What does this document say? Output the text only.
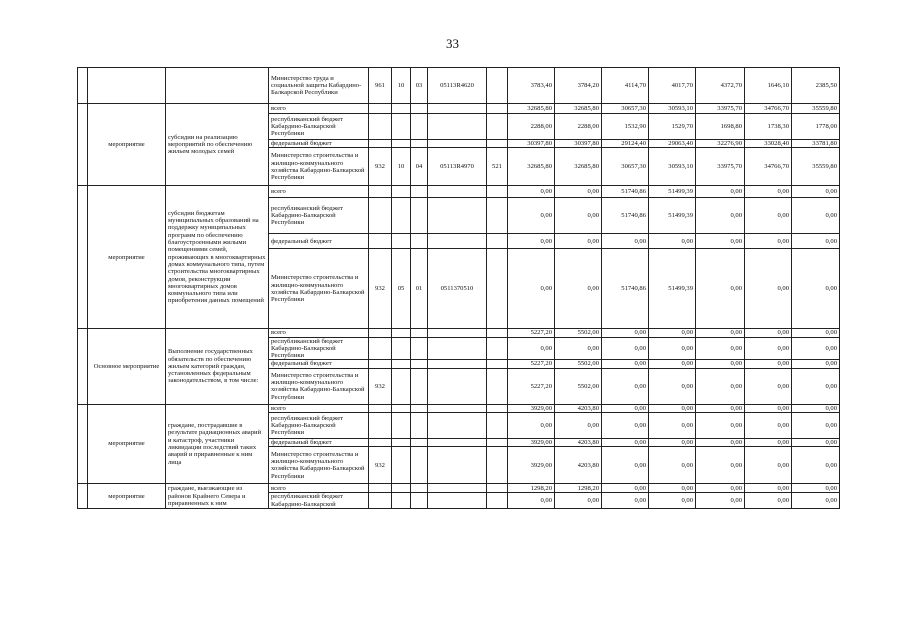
33
			Министерство труда и социальной защиты Кабардино-Балкарской Республики	961	10	03	05113R4620		3783,40	3784,20	4114,70	4017,70	4372,70	1646,10	2385,50
	мероприятие	субсидии на реализацию мероприятий по обеспечению жильем молодых семей	всего						32685,80	32685,80	30657,30	30593,10	33975,70	34766,70	35559,80
			республиканский бюджет Кабардино-Балкарской Республики						2288,00	2288,00	1532,90	1529,70	1698,80	1738,30	1778,00
			федеральный бюджет						30397,80	30397,80	29124,40	29063,40	32276,90	33028,40	33781,80
			Министерство строительства и жилищно-коммунального хозяйства Кабардино-Балкарской Республики	932	10	04	05113R4970	521	32685,80	32685,80	30657,30	30593,10	33975,70	34766,70	35559,80
	мероприятие	субсидии бюджетам муниципальных образований на поддержку муниципальных программ по обеспечению благоустроенными жилыми помещениями семей, проживающих в многоквартирных домах коммунального типа, путем строительства многоквартирных домов, реконструкции многоквартирных домов коммунального типа или приобретения данных помещений	всего						0,00	0,00	51740,86	51499,39	0,00	0,00	0,00
			республиканский бюджет Кабардино-Балкарской Республики						0,00	0,00	51740,86	51499,39	0,00	0,00	0,00
			федеральный бюджет						0,00	0,00	0,00	0,00	0,00	0,00	0,00
			Министерство строительства и жилищно-коммунального хозяйства Кабардино-Балкарской Республики	932	05	01	0511370510		0,00	0,00	51740,86	51499,39	0,00	0,00	0,00
	Основное мероприятие	Выполнение государственных обязательств по обеспечению жильем категорий граждан, установленных федеральным законодательством, в том числе:	всего						5227,20	5502,00	0,00	0,00	0,00	0,00	0,00
			республиканский бюджет Кабардино-Балкарской Республики						0,00	0,00	0,00	0,00	0,00	0,00	0,00
			федеральный бюджет						5227,20	5502,00	0,00	0,00	0,00	0,00	0,00
			Министерство строительства и жилищно-коммунального хозяйства Кабардино-Балкарской Республики	932					5227,20	5502,00	0,00	0,00	0,00	0,00	0,00
	мероприятие	граждане, пострадавшие в результате радиационных аварий и катастроф, участники ликвидации последствий таких аварий и приравненные к ним лица	всего						3929,00	4203,80	0,00	0,00	0,00	0,00	0,00
			республиканский бюджет Кабардино-Балкарской Республики						0,00	0,00	0,00	0,00	0,00	0,00	0,00
			федеральный бюджет						3929,00	4203,80	0,00	0,00	0,00	0,00	0,00
			Министерство строительства и жилищно-коммунального хозяйства Кабардино-Балкарской Республики	932					3929,00	4203,80	0,00	0,00	0,00	0,00	0,00
	мероприятие	граждане, выезжающие из районов Крайнего Севера и приравненных к ним	всего						1298,20	1298,20	0,00	0,00	0,00	0,00	0,00
			республиканский бюджет Кабардино-Балкарской						0,00	0,00	0,00	0,00	0,00	0,00	0,00
